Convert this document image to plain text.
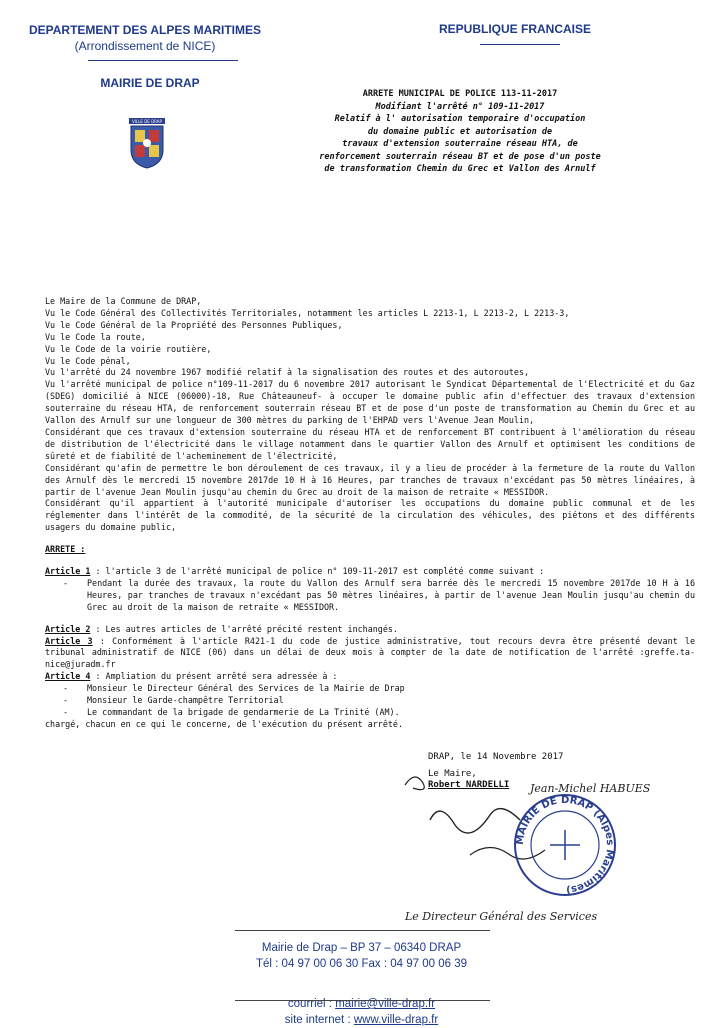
DEPARTEMENT DES ALPES MARITIMES
(Arrondissement de NICE)
REPUBLIQUE FRANCAISE
MAIRIE DE DRAP
VILLE DE DRAP
ARRETE MUNICIPAL DE POLICE 113-11-2017
Modifiant l'arrêté n° 109-11-2017
Relatif à l' autorisation temporaire d'occupation
du domaine public et autorisation de
travaux d'extension souterraine réseau HTA, de
renforcement souterrain réseau BT et de pose d'un poste
de transformation Chemin du Grec et Vallon des Arnulf

Le Maire de la Commune de DRAP,

Vu le Code Général des Collectivités Territoriales, notamment les articles L 2213-1, L 2213-2, L 2213-3,

Vu le Code Général de la Propriété des Personnes Publiques,

Vu le Code la route,

Vu le Code de la voirie routière,

Vu le Code pénal,

Vu l'arrêté du 24 novembre 1967 modifié relatif à la signalisation des routes et des autoroutes,

Vu l'arrêté municipal de police n°109-11-2017 du 6 novembre 2017 autorisant le Syndicat Départemental de l'Electricité et du Gaz (SDEG) domicilié à NICE (06000)-18, Rue Châteauneuf- à occuper le domaine public afin d'effectuer des travaux d'extension souterraine du réseau HTA, de renforcement souterrain réseau BT et de pose d'un poste de transformation au Chemin du Grec et au Vallon des Arnulf sur une longueur de 300 mètres du parking de l'EHPAD vers l'Avenue Jean Moulin,

Considérant que ces travaux d'extension souterraine du réseau HTA et de renforcement BT contribuent à l'amélioration du réseau de distribution de l'électricité dans le village notamment dans le quartier Vallon des Arnulf et optimisent les conditions de sûreté et de fiabilité de l'acheminement de l'électricité,

Considérant qu'afin de permettre le bon déroulement de ces travaux, il y a lieu de procéder à la fermeture de la route du Vallon des Arnulf dès le mercredi 15 novembre 2017de 10 H à 16 Heures, par tranches de travaux n'excédant pas 50 mètres linéaires, à partir de l'avenue Jean Moulin jusqu'au chemin du Grec au droit de la maison de retraite « MESSIDOR.

Considérant qu'il appartient à l'autorité municipale d'autoriser les occupations du domaine public communal et de les réglementer dans l'intérêt de la commodité, de la sécurité de la circulation des véhicules, des piétons et des différents usagers du domaine public,

ARRETE :

Article 1 : l'article 3 de l'arrêté municipal de police n° 109-11-2017 est complété comme suivant :

- Pendant la durée des travaux, la route du Vallon des Arnulf sera barrée dès le mercredi 15 novembre 2017de 10 H à 16 Heures, par tranches de travaux n'excédant pas 50 mètres linéaires, à partir de l'avenue Jean Moulin jusqu'au chemin du Grec au droit de la maison de retraite « MESSIDOR.

Article 2 : Les autres articles de l'arrêté précité restent inchangés.

Article 3 : Conformément à l'article R421-1 du code de justice administrative, tout recours devra être présenté devant le tribunal administratif de NICE (06) dans un délai de deux mois à compter de la date de notification de l'arrêté :greffe.ta-nice@juradm.fr

Article 4 : Ampliation du présent arrêté sera adressée à :

- Monsieur le Directeur Général des Services de la Mairie de Drap

- Monsieur le Garde-champêtre Territorial

- Le commandant de la brigade de gendarmerie de La Trinité (AM).

chargé, chacun en ce qui le concerne, de l'exécution du présent arrêté.

DRAP, le 14 Novembre 2017
Le Maire,
Robert NARDELLI	Jean-Michel HABUES
Le Directeur Général des Services
MAIRIE DE DRAP (Alpes Maritimes)
Mairie de Drap – BP 37 – 06340 DRAP
Tél : 04 97 00 06 30 Fax : 04 97 00 06 39
courriel : mairie@ville-drap.fr
site internet : www.ville-drap.fr
